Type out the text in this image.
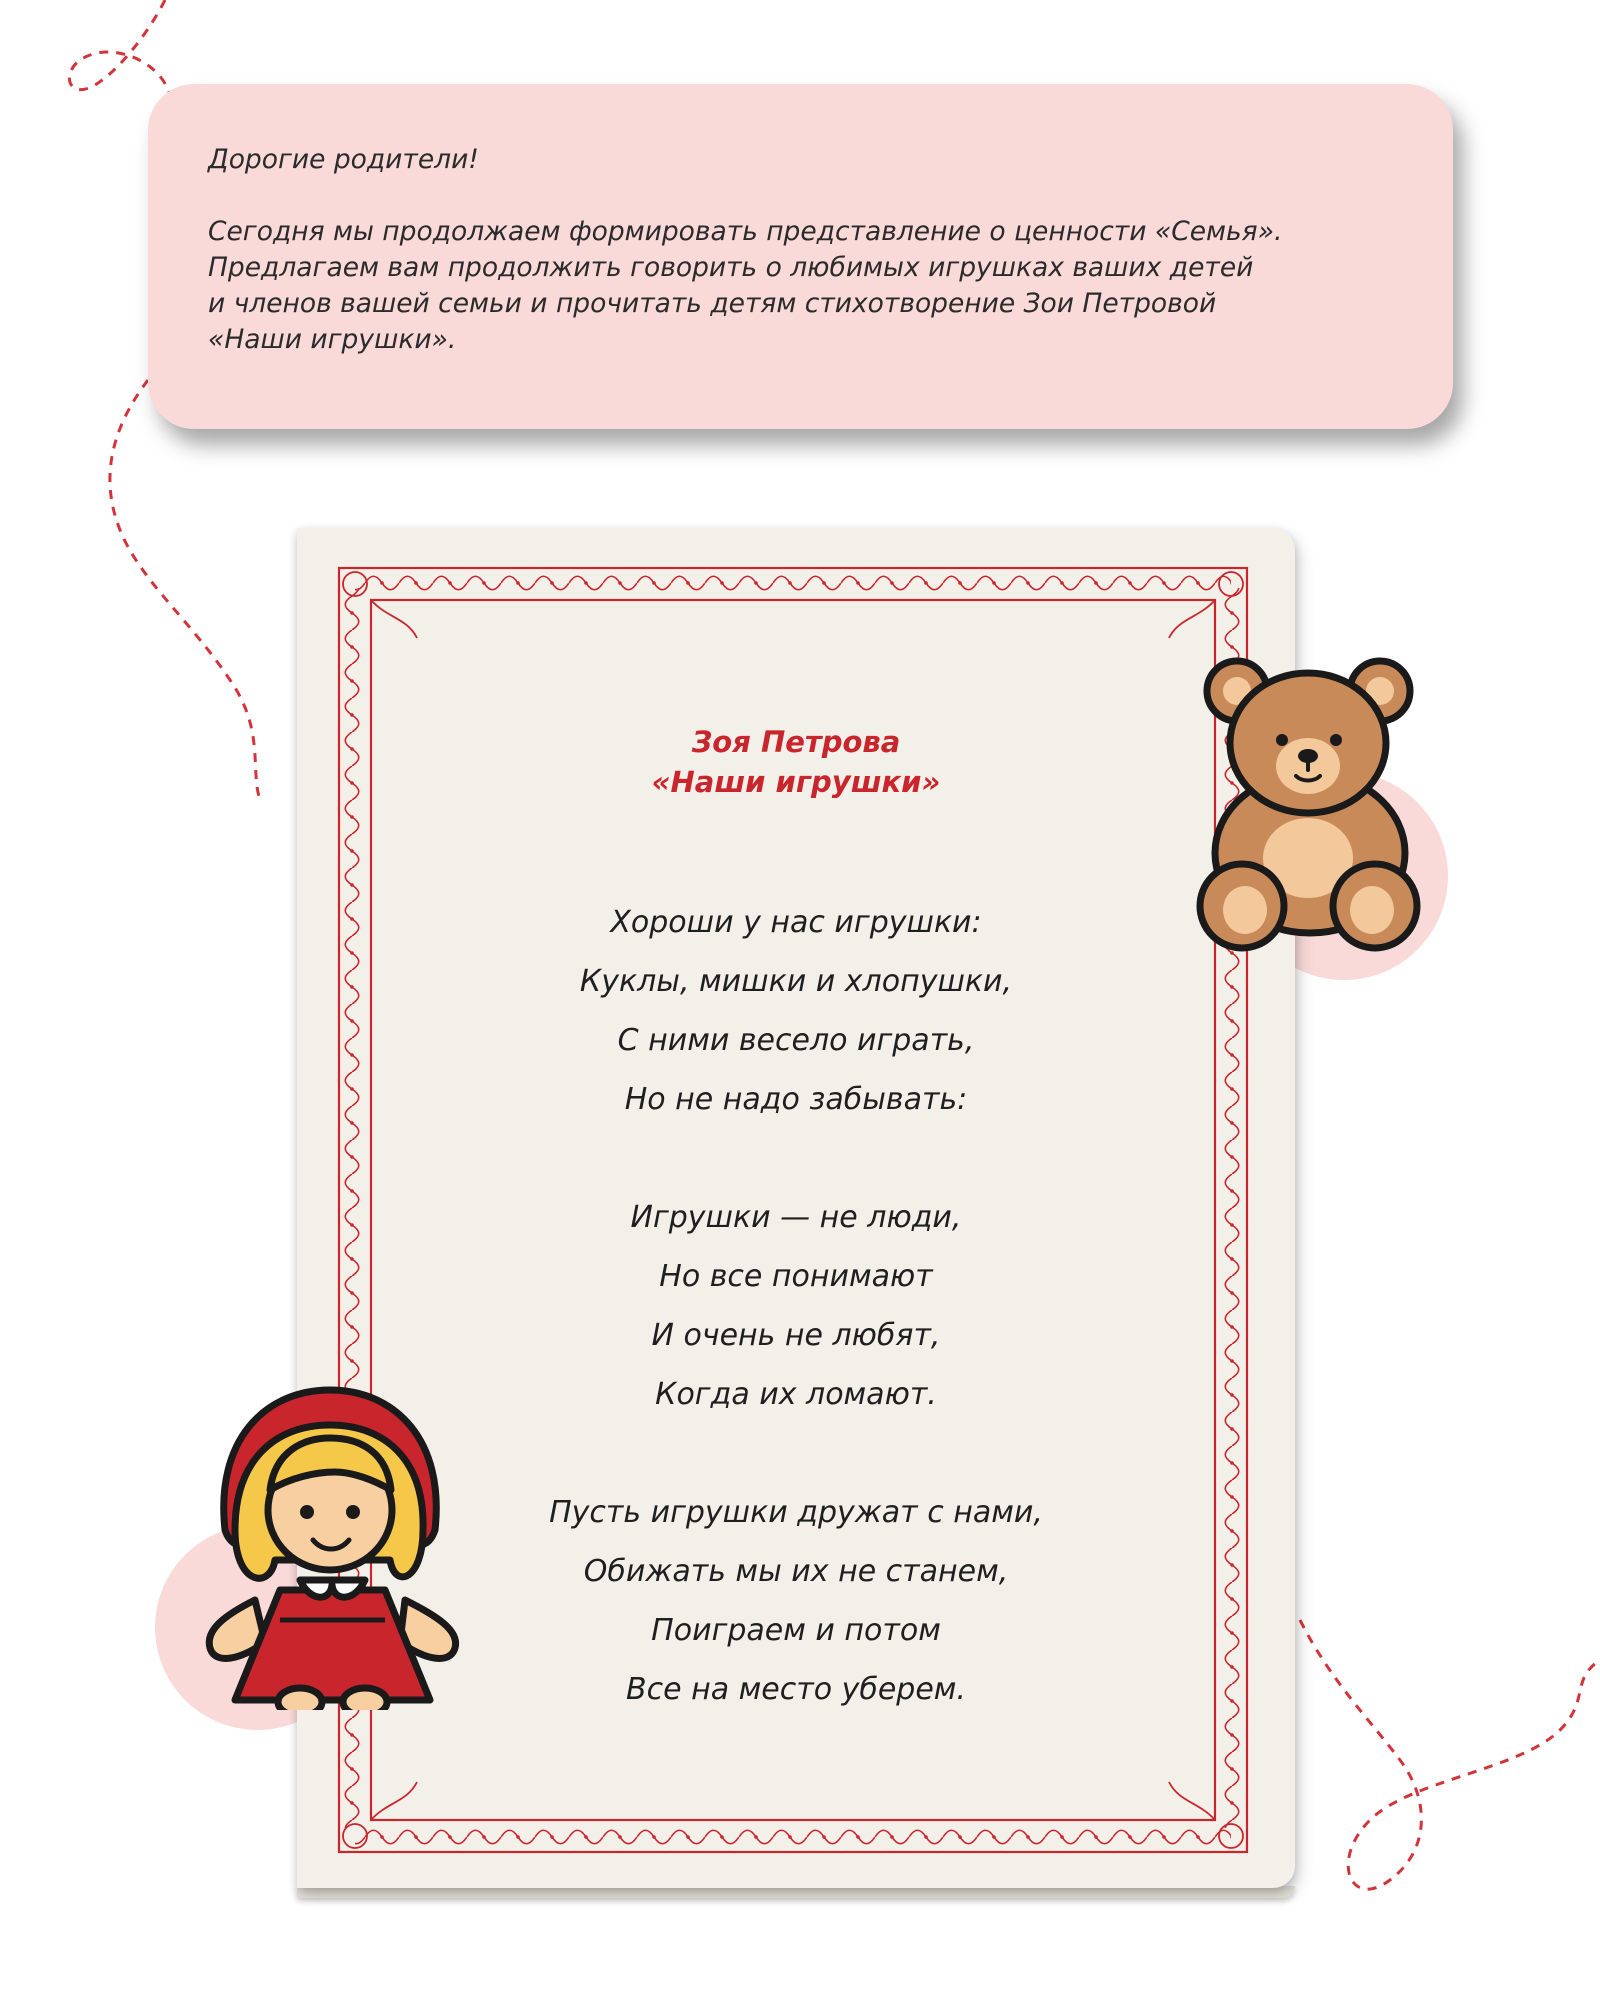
Дорогие родители!

Сегодня мы продолжаем формировать представление о ценности «Семья».

Предлагаем вам продолжить говорить о любимых игрушках ваших детей

и членов вашей семьи и прочитать детям стихотворение Зои Петровой

«Наши игрушки».

Зоя Петрова
«Наши игрушки»
Хороши у нас игрушки:
Куклы, мишки и хлопушки,
С ними весело играть,
Но не надо забывать:
Игрушки — не люди,
Но все понимают
И очень не любят,
Когда их ломают.
Пусть игрушки дружат с нами,
Обижать мы их не станем,
Поиграем и потом
Все на место уберем.
